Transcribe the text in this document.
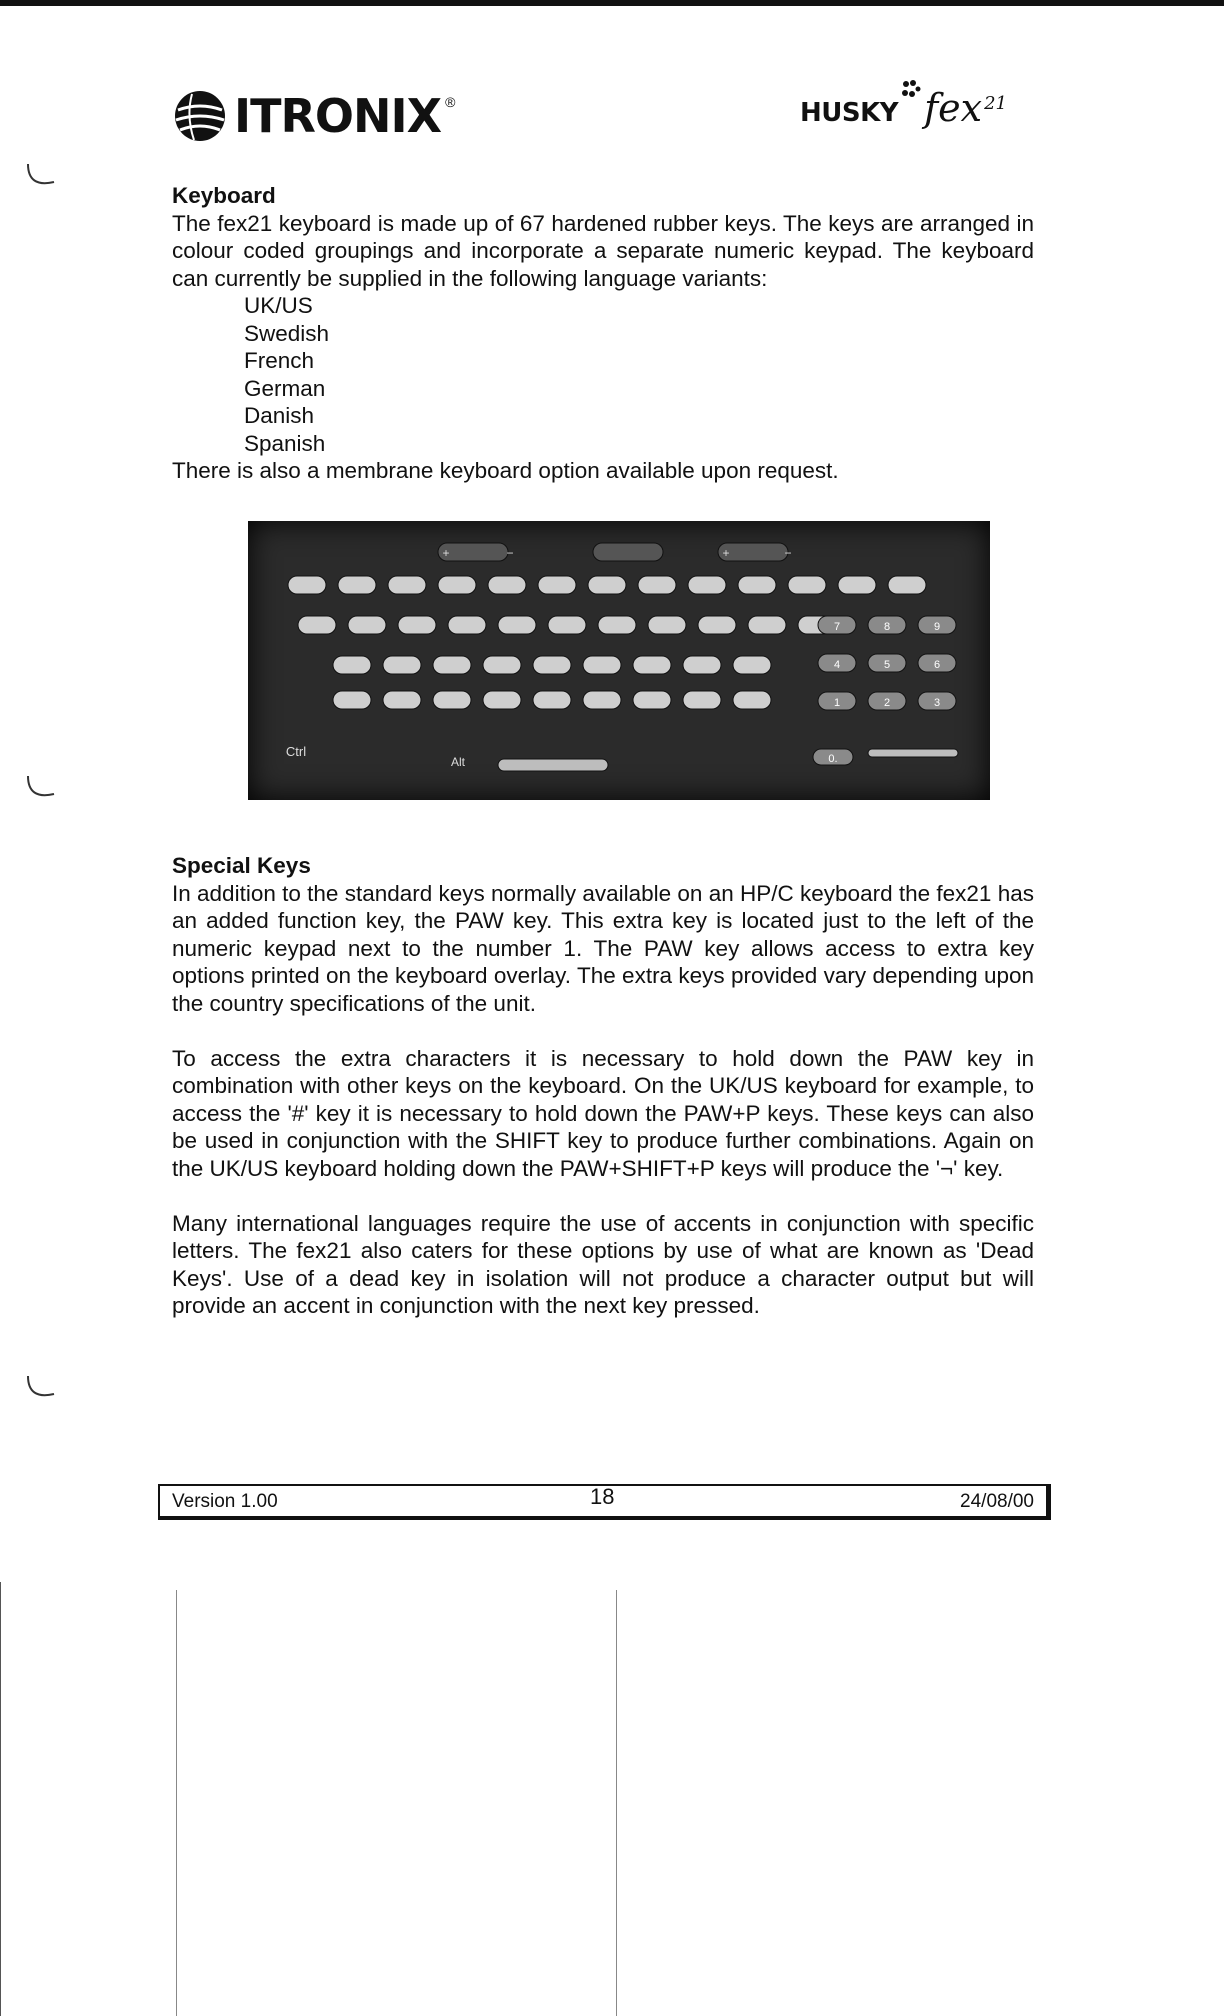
ITRONIX ®	HUSKY fex 21

Keyboard

The fex21 keyboard is made up of 67 hardened rubber keys. The keys are arranged in colour coded groupings and incorporate a separate numeric keypad. The keyboard can currently be supplied in the following language variants:

UK/US
Swedish
French
German
Danish
Spanish

There is also a membrane keyboard option available upon request.

+	−	+	−
7	8	9
4	5	6
1	2	3
0.
Ctrl
Alt

Special Keys

In addition to the standard keys normally available on an HP/C keyboard the fex21 has an added function key, the PAW key. This extra key is located just to the left of the numeric keypad next to the number 1. The PAW key allows access to extra key options printed on the keyboard overlay. The extra keys provided vary depending upon the country specifications of the unit.

To access the extra characters it is necessary to hold down the PAW key in combination with other keys on the keyboard. On the UK/US keyboard for example, to access the '#' key it is necessary to hold down the PAW+P keys. These keys can also be used in conjunction with the SHIFT key to produce further combinations. Again on the UK/US keyboard holding down the PAW+SHIFT+P keys will produce the '¬' key.

Many international languages require the use of accents in conjunction with specific letters. The fex21 also caters for these options by use of what are known as 'Dead Keys'. Use of a dead key in isolation will not produce a character output but will provide an accent in conjunction with the next key pressed.

Version 1.00	18	24/08/00
